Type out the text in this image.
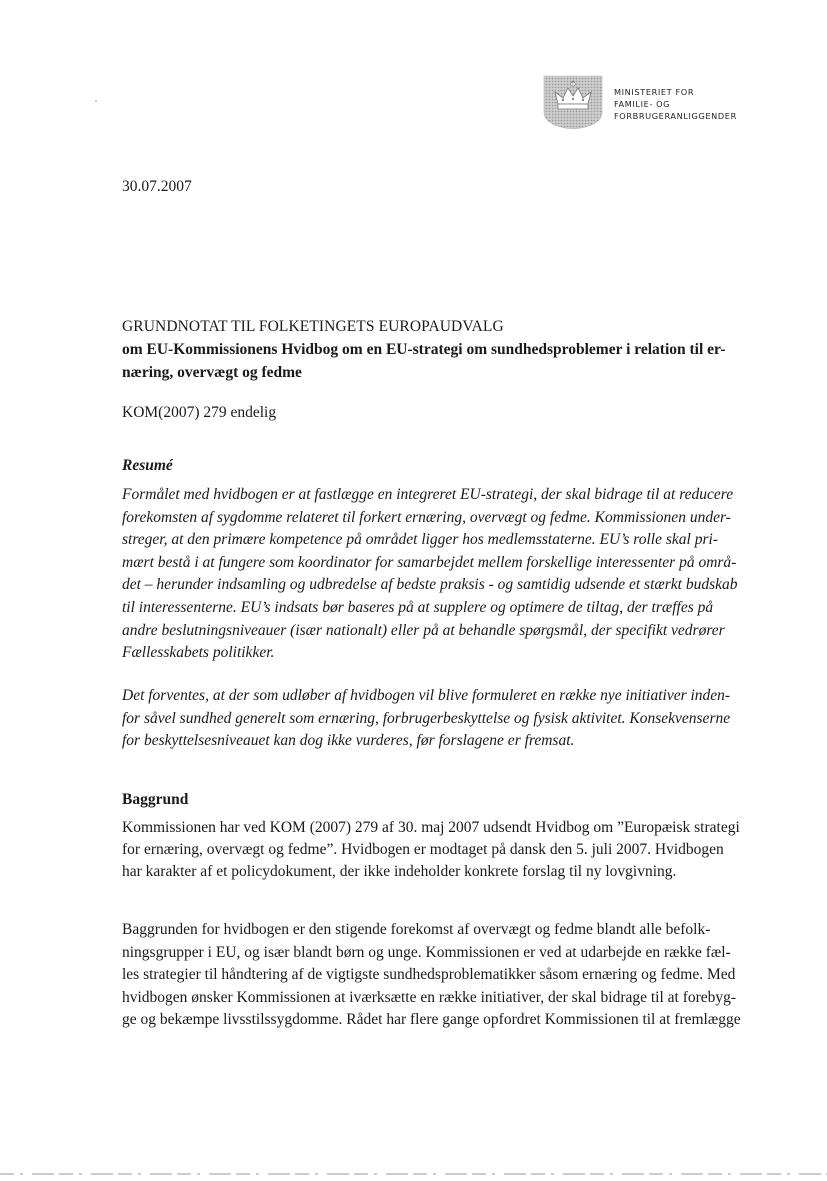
MINISTERIET FOR
FAMILIE- OG
FORBRUGERANLIGGENDER
30.07.2007
GRUNDNOTAT TIL FOLKETINGETS EUROPAUDVALG
om EU-Kommissionens Hvidbog om en EU-strategi om sundhedsproblemer i relation til er-
næring, overvægt og fedme
KOM(2007) 279 endelig
Resumé
Formålet med hvidbogen er at fastlægge en integreret EU-strategi, der skal bidrage til at reducere
forekomsten af sygdomme relateret til forkert ernæring, overvægt og fedme. Kommissionen under-
streger, at den primære kompetence på området ligger hos medlemsstaterne. EU’s rolle skal pri-
mært bestå i at fungere som koordinator for samarbejdet mellem forskellige interessenter på områ-
det – herunder indsamling og udbredelse af bedste praksis - og samtidig udsende et stærkt budskab
til interessenterne. EU’s indsats bør baseres på at supplere og optimere de tiltag, der træffes på
andre beslutningsniveauer (især nationalt) eller på at behandle spørgsmål, der specifikt vedrører
Fællesskabets politikker.
Det forventes, at der som udløber af hvidbogen vil blive formuleret en række nye initiativer inden-
for såvel sundhed generelt som ernæring, forbrugerbeskyttelse og fysisk aktivitet. Konsekvenserne
for beskyttelsesniveauet kan dog ikke vurderes, før forslagene er fremsat.
Baggrund
Kommissionen har ved KOM (2007) 279 af 30. maj 2007 udsendt Hvidbog om ”Europæisk strategi
for ernæring, overvægt og fedme”. Hvidbogen er modtaget på dansk den 5. juli 2007. Hvidbogen
har karakter af et policydokument, der ikke indeholder konkrete forslag til ny lovgivning.
Baggrunden for hvidbogen er den stigende forekomst af overvægt og fedme blandt alle befolk-
ningsgrupper i EU, og især blandt børn og unge. Kommissionen er ved at udarbejde en række fæl-
les strategier til håndtering af de vigtigste sundhedsproblematikker såsom ernæring og fedme. Med
hvidbogen ønsker Kommissionen at iværksætte en række initiativer, der skal bidrage til at forebyg-
ge og bekæmpe livsstilssygdomme. Rådet har flere gange opfordret Kommissionen til at fremlægge
